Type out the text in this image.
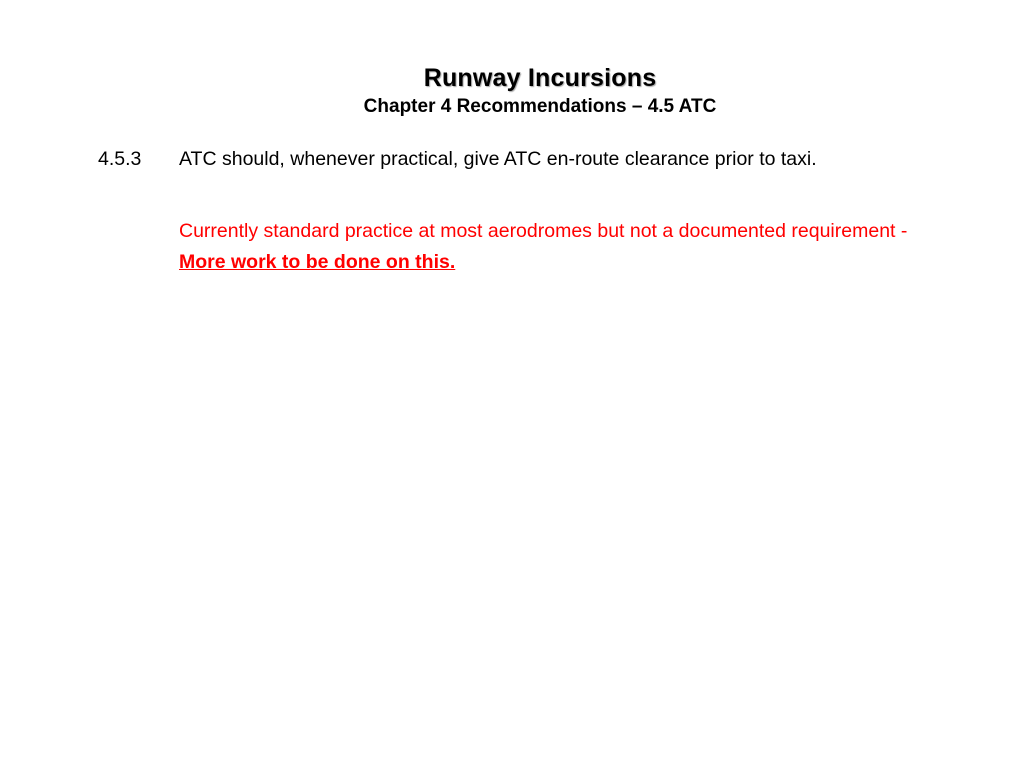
Runway Incursions
Chapter 4 Recommendations – 4.5 ATC
4.5.3 ATC should, whenever practical, give ATC en-route clearance prior to taxi.
Currently standard practice at most aerodromes but not a documented requirement - More work to be done on this.
